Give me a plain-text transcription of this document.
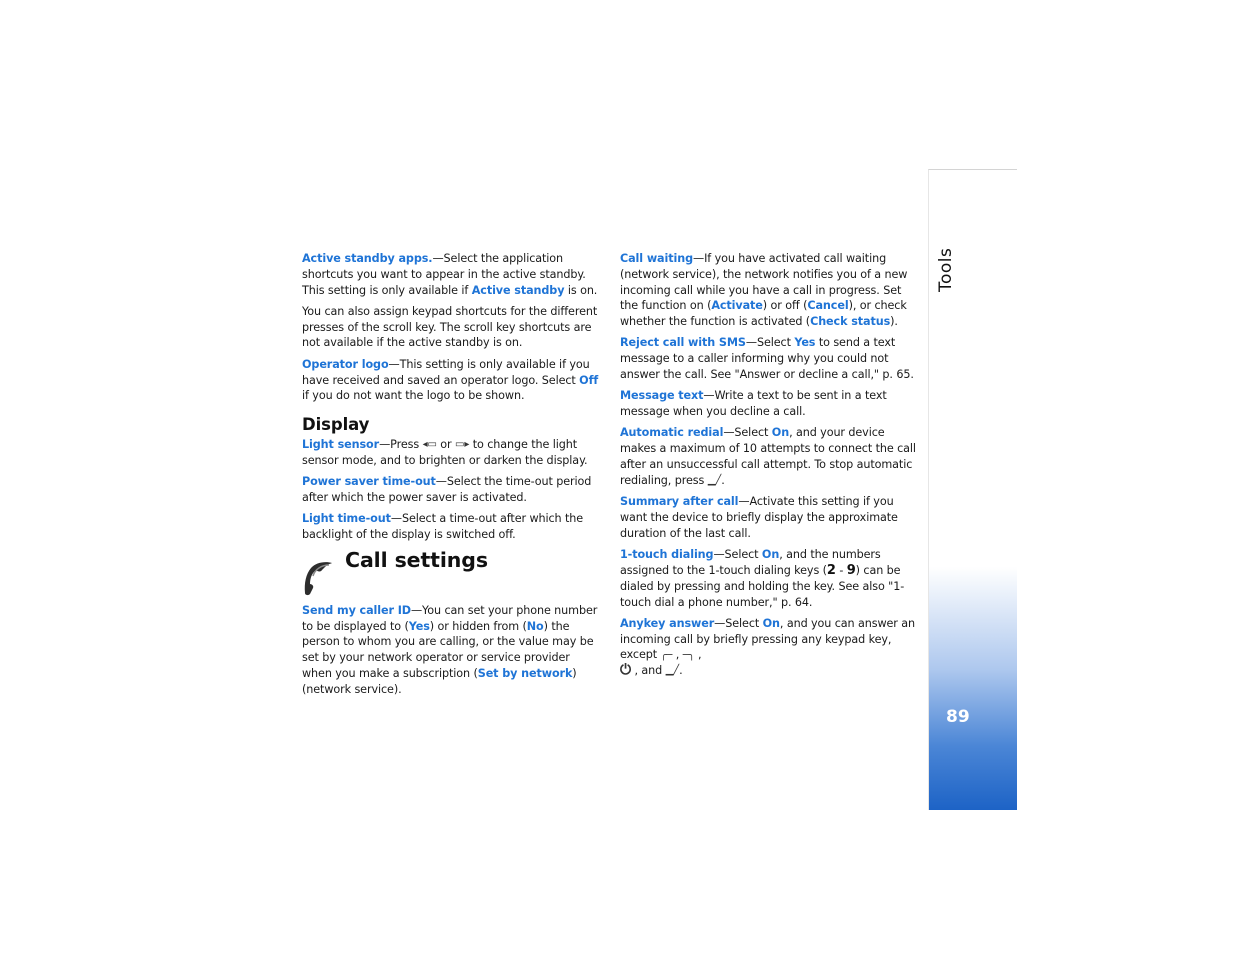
Active standby apps.—Select the application shortcuts you want to appear in the active standby. This setting is only available if Active standby is on.

You can also assign keypad shortcuts for the different presses of the scroll key. The scroll key shortcuts are not available if the active standby is on.

Operator logo—This setting is only available if you have received and saved an operator logo. Select Off if you do not want the logo to be shown.

Display

Light sensor—Press ◂▭ or ▭▸ to change the light sensor mode, and to brighten or darken the display.

Power saver time-out—Select the time-out period after which the power saver is activated.

Light time-out—Select a time-out after which the backlight of the display is switched off.

Call settings

Send my caller ID—You can set your phone number to be displayed to (Yes) or hidden from (No) the person to whom you are calling, or the value may be set by your network operator or service provider when you make a subscription (Set by network) (network service).

Call waiting—If you have activated call waiting (network service), the network notifies you of a new incoming call while you have a call in progress. Set the function on (Activate) or off (Cancel), or check whether the function is activated (Check status).

Reject call with SMS—Select Yes to send a text message to a caller informing why you could not answer the call. See "Answer or decline a call," p. 65.

Message text—Write a text to be sent in a text message when you decline a call.

Automatic redial—Select On, and your device makes a maximum of 10 attempts to connect the call after an unsuccessful call attempt. To stop automatic redialing, press ▁╱.

Summary after call—Activate this setting if you want the device to briefly display the approximate duration of the last call.

1-touch dialing—Select On, and the numbers assigned to the 1-touch dialing keys (2 - 9) can be dialed by pressing and holding the key. See also "1-touch dial a phone number," p. 64.

Anykey answer—Select On, and you can answer an incoming call by briefly pressing any keypad key, except ╭─ , ─╮ ,
⏻ , and ▁╱.

Tools
89
